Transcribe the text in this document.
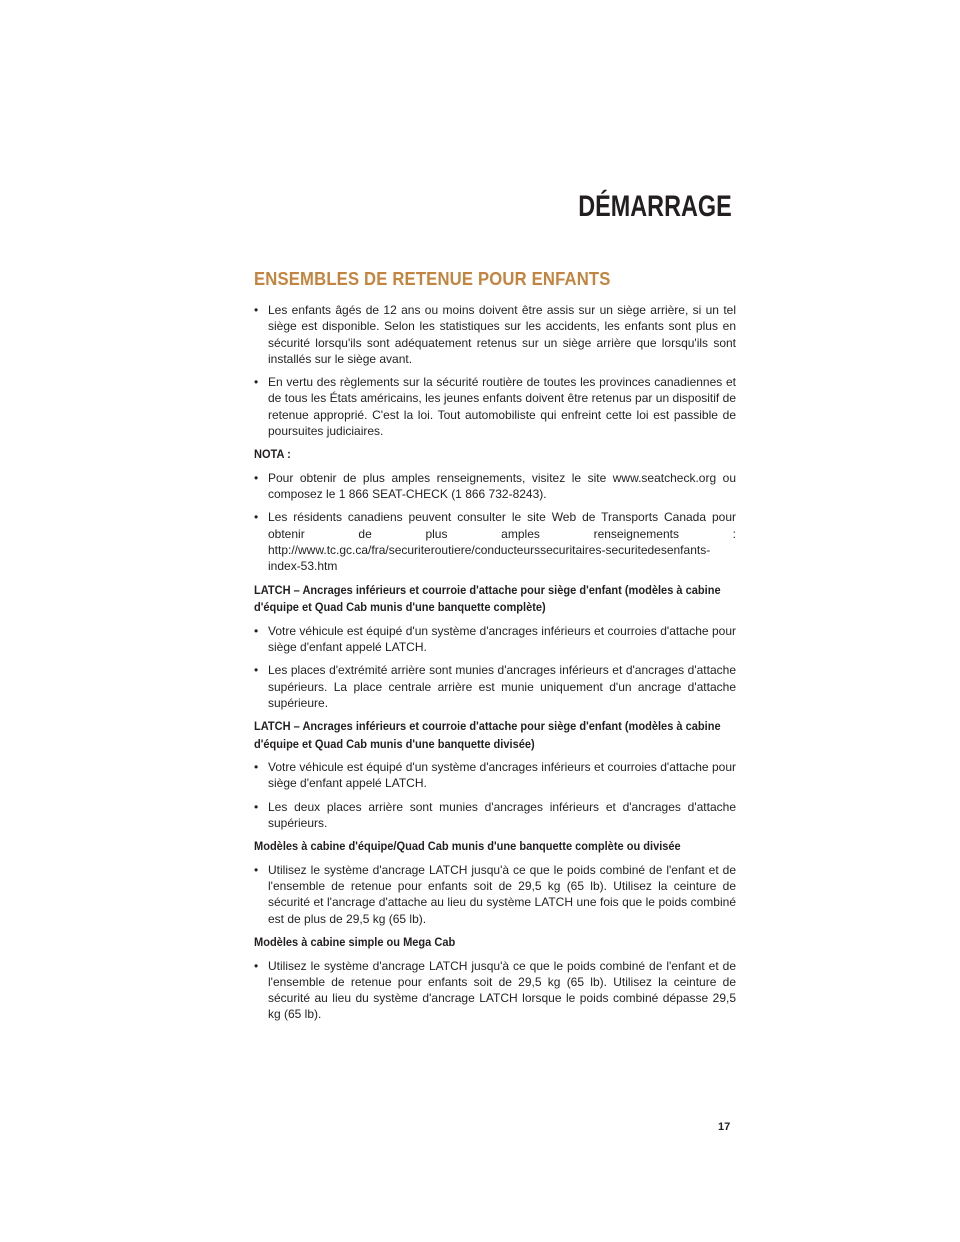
DÉMARRAGE
ENSEMBLES DE RETENUE POUR ENFANTS
• Les enfants âgés de 12 ans ou moins doivent être assis sur un siège arrière, si un tel siège est disponible. Selon les statistiques sur les accidents, les enfants sont plus en sécurité lorsqu'ils sont adéquatement retenus sur un siège arrière que lorsqu'ils sont installés sur le siège avant.
• En vertu des règlements sur la sécurité routière de toutes les provinces canadiennes et de tous les États américains, les jeunes enfants doivent être retenus par un dispositif de retenue approprié. C'est la loi. Tout automobiliste qui enfreint cette loi est passible de poursuites judiciaires.
NOTA :
• Pour obtenir de plus amples renseignements, visitez le site www.seatcheck.org ou composez le 1 866 SEAT-CHECK (1 866 732-8243).
• Les résidents canadiens peuvent consulter le site Web de Transports Canada pour obtenir de plus amples renseignements : http://www.tc.gc.ca/fra/securiteroutiere/conducteurssecuritaires-securitedesenfants-index-53.htm
LATCH – Ancrages inférieurs et courroie d'attache pour siège d'enfant (modèles à cabine d'équipe et Quad Cab munis d'une banquette complète)
• Votre véhicule est équipé d'un système d'ancrages inférieurs et courroies d'attache pour siège d'enfant appelé LATCH.
• Les places d'extrémité arrière sont munies d'ancrages inférieurs et d'ancrages d'attache supérieurs. La place centrale arrière est munie uniquement d'un ancrage d'attache supérieure.
LATCH – Ancrages inférieurs et courroie d'attache pour siège d'enfant (modèles à cabine d'équipe et Quad Cab munis d'une banquette divisée)
• Votre véhicule est équipé d'un système d'ancrages inférieurs et courroies d'attache pour siège d'enfant appelé LATCH.
• Les deux places arrière sont munies d'ancrages inférieurs et d'ancrages d'attache supérieurs.
Modèles à cabine d'équipe/Quad Cab munis d'une banquette complète ou divisée
• Utilisez le système d'ancrage LATCH jusqu'à ce que le poids combiné de l'enfant et de l'ensemble de retenue pour enfants soit de 29,5 kg (65 lb). Utilisez la ceinture de sécurité et l'ancrage d'attache au lieu du système LATCH une fois que le poids combiné est de plus de 29,5 kg (65 lb).
Modèles à cabine simple ou Mega Cab
• Utilisez le système d'ancrage LATCH jusqu'à ce que le poids combiné de l'enfant et de l'ensemble de retenue pour enfants soit de 29,5 kg (65 lb). Utilisez la ceinture de sécurité au lieu du système d'ancrage LATCH lorsque le poids combiné dépasse 29,5 kg (65 lb).
17
